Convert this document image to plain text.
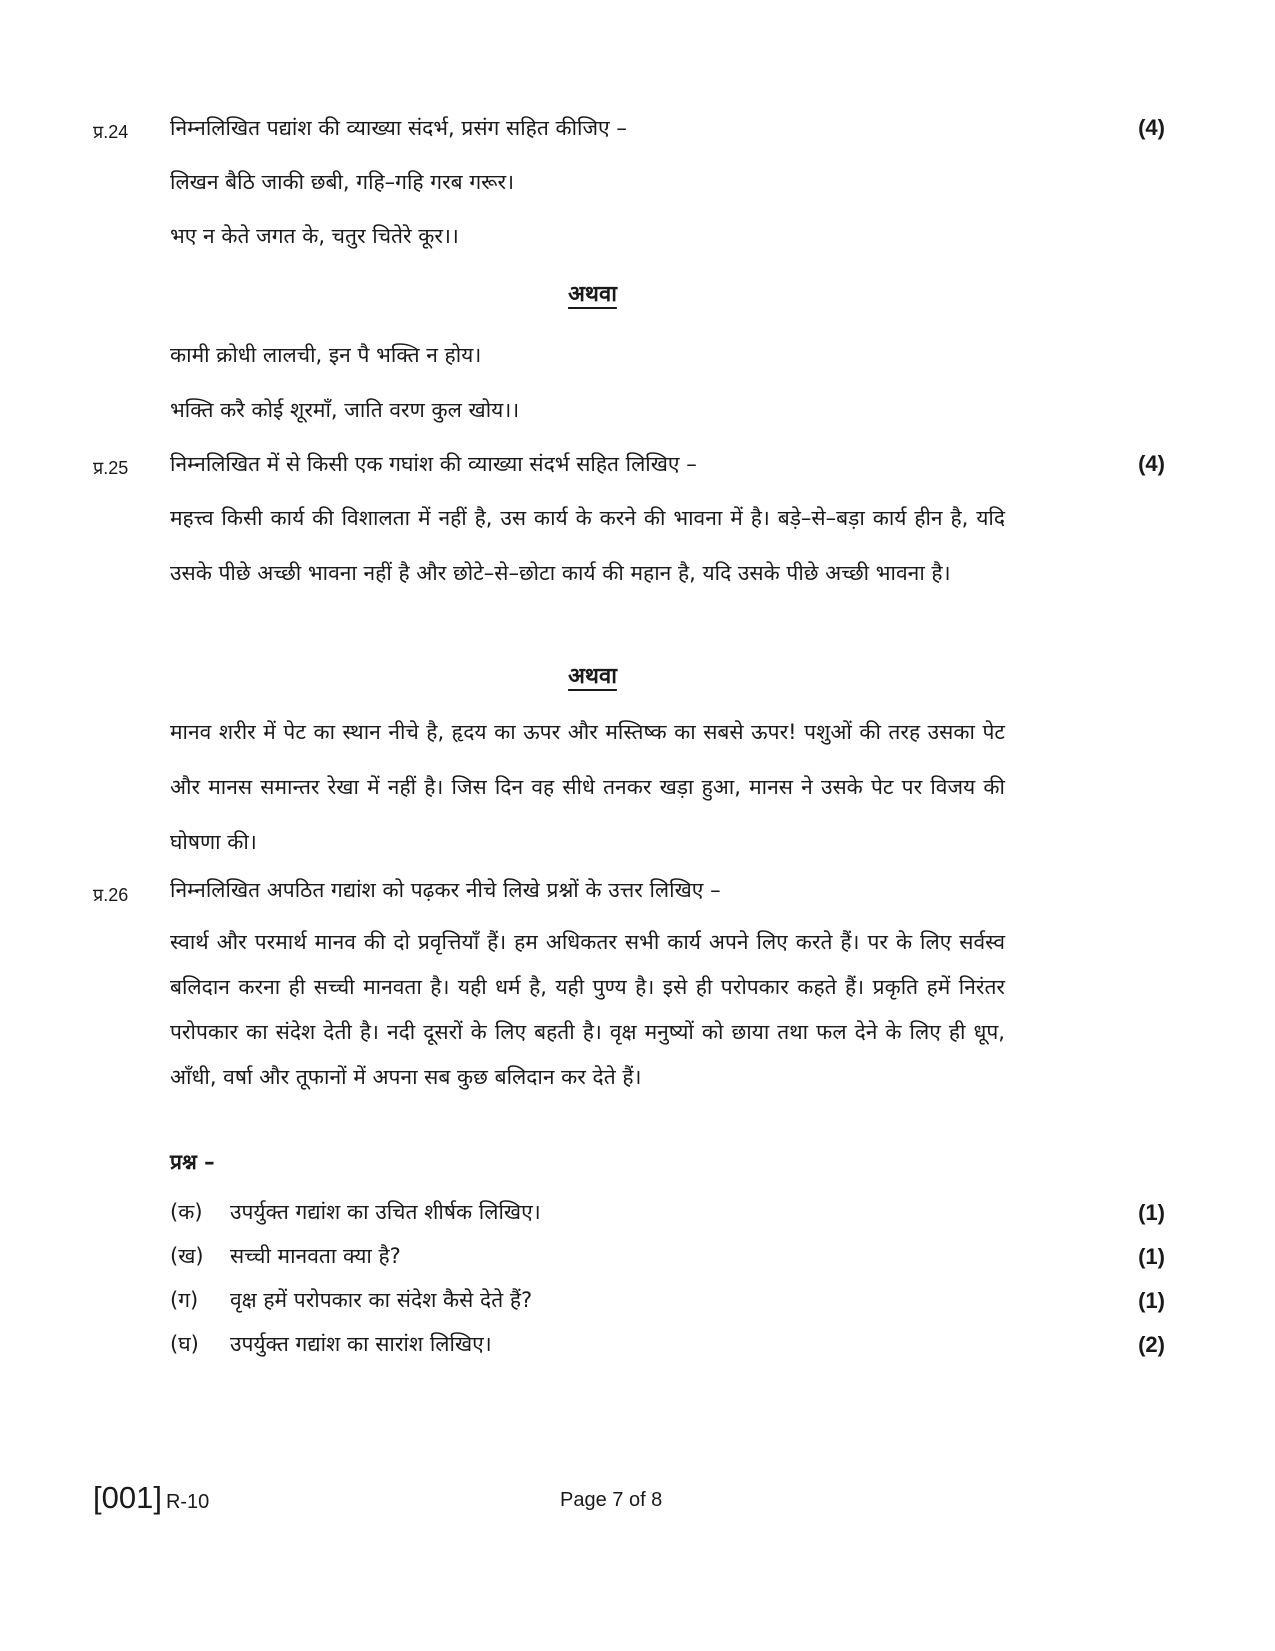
प्र.24 निम्नलिखित पद्यांश की व्याख्या संदर्भ, प्रसंग सहित कीजिए –	(4)
लिखन बैठि जाकी छबी, गहि–गहि गरब गरूर।
भए न केते जगत के, चतुर चितेरे कूर।।
अथवा
कामी क्रोधी लालची, इन पै भक्ति न होय।
भक्ति करै कोई शूरमाँ, जाति वरण कुल खोय।।
प्र.25 निम्नलिखित में से किसी एक गघांश की व्याख्या संदर्भ सहित लिखिए –	(4)
महत्त्व किसी कार्य की विशालता में नहीं है, उस कार्य के करने की भावना में है। बड़े–से–बड़ा कार्य हीन है, यदि उसके पीछे अच्छी भावना नहीं है और छोटे–से–छोटा कार्य की महान है, यदि उसके पीछे अच्छी भावना है।
अथवा
मानव शरीर में पेट का स्थान नीचे है, हृदय का ऊपर और मस्तिष्क का सबसे ऊपर! पशुओं की तरह उसका पेट और मानस समान्तर रेखा में नहीं है। जिस दिन वह सीधे तनकर खड़ा हुआ, मानस ने उसके पेट पर विजय की घोषणा की।
प्र.26 निम्नलिखित अपठित गद्यांश को पढ़कर नीचे लिखे प्रश्नों के उत्तर लिखिए –
स्वार्थ और परमार्थ मानव की दो प्रवृत्तियाँ हैं। हम अधिकतर सभी कार्य अपने लिए करते हैं। पर के लिए सर्वस्व बलिदान करना ही सच्ची मानवता है। यही धर्म है, यही पुण्य है। इसे ही परोपकार कहते हैं। प्रकृति हमें निरंतर परोपकार का संदेश देती है। नदी दूसरों के लिए बहती है। वृक्ष मनुष्यों को छाया तथा फल देने के लिए ही धूप, आँधी, वर्षा और तूफानों में अपना सब कुछ बलिदान कर देते हैं।
प्रश्न –
(क) उपर्युक्त गद्यांश का उचित शीर्षक लिखिए।	(1)
(ख) सच्ची मानवता क्या है?	(1)
(ग) वृक्ष हमें परोपकार का संदेश कैसे देते हैं?	(1)
(घ) उपर्युक्त गद्यांश का सारांश लिखिए।	(2)
[001] R-10	Page 7 of 8
